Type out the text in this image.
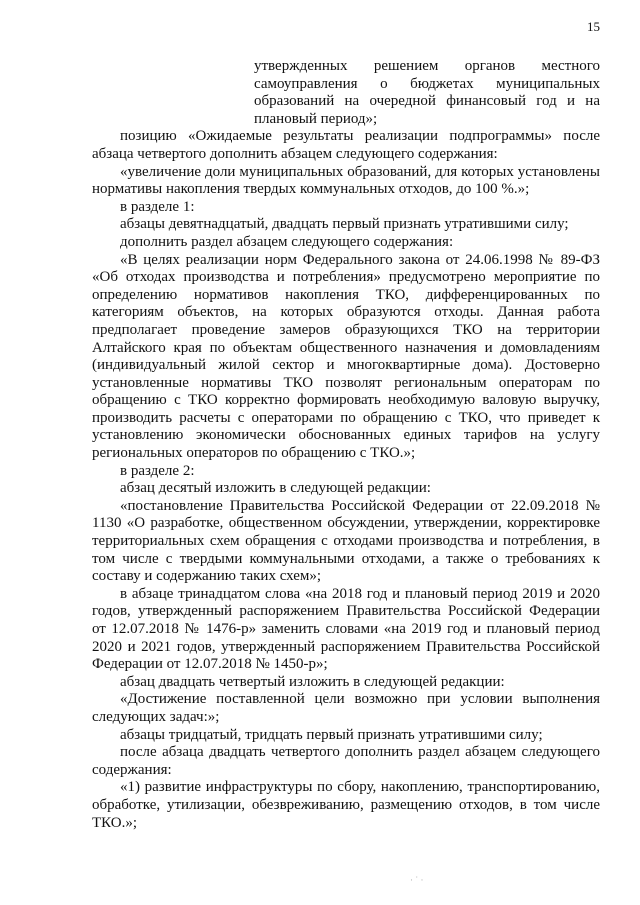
15

утвержденных решением органов местного самоуправления о бюджетах муниципальных образований на очередной финансовый год и на плановый период»;

позицию «Ожидаемые результаты реализации подпрограммы» после абзаца четвертого дополнить абзацем следующего содержания:

«увеличение доли муниципальных образований, для которых установлены нормативы накопления твердых коммунальных отходов, до 100 %.»;

в разделе 1:

абзацы девятнадцатый, двадцать первый признать утратившими силу;

дополнить раздел абзацем следующего содержания:

«В целях реализации норм Федерального закона от 24.06.1998 № 89-ФЗ «Об отходах производства и потребления» предусмотрено мероприятие по определению нормативов накопления ТКО, дифференцированных по категориям объектов, на которых образуются отходы. Данная работа предполагает проведение замеров образующихся ТКО на территории Алтайского края по объектам общественного назначения и домовладениям (индивидуальный жилой сектор и многоквартирные дома). Достоверно установленные нормативы ТКО позволят региональным операторам по обращению с ТКО корректно формировать необходимую валовую выручку, производить расчеты с операторами по обращению с ТКО, что приведет к установлению экономически обоснованных единых тарифов на услугу региональных операторов по обращению с ТКО.»;

в разделе 2:

абзац десятый изложить в следующей редакции:

«постановление Правительства Российской Федерации от 22.09.2018 № 1130 «О разработке, общественном обсуждении, утверждении, корректировке территориальных схем обращения с отходами производства и потребления, в том числе с твердыми коммунальными отходами, а также о требованиях к составу и содержанию таких схем»;

в абзаце тринадцатом слова «на 2018 год и плановый период 2019 и 2020 годов, утвержденный распоряжением Правительства Российской Федерации от 12.07.2018 № 1476-р» заменить словами «на 2019 год и плановый период 2020 и 2021 годов, утвержденный распоряжением Правительства Российской Федерации от 12.07.2018 № 1450-р»;

абзац двадцать четвертый изложить в следующей редакции:

«Достижение поставленной цели возможно при условии выполнения следующих задач:»;

абзацы тридцатый, тридцать первый признать утратившими силу;

после абзаца двадцать четвертого дополнить раздел абзацем следующего содержания:

«1) развитие инфраструктуры по сбору, накоплению, транспортированию, обработке, утилизации, обезвреживанию, размещению отходов, в том числе ТКО.»;

· ˙ ·
